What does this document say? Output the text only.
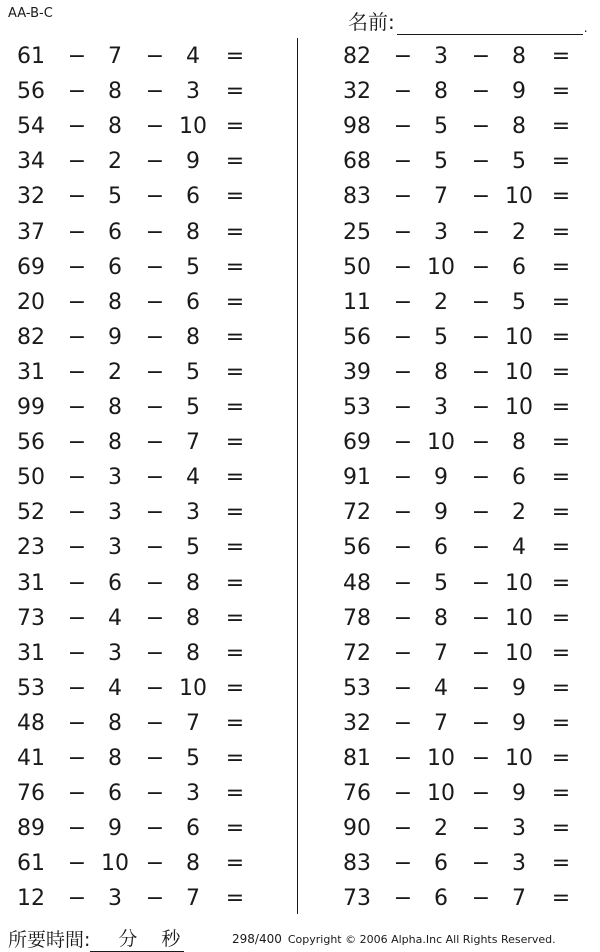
AA-B-C	名前:	.
61	− 7	− 4	=
56	− 8	− 3	=
54	− 8	− 10 =
34	− 2	− 9	=
32	− 5	− 6	=
37	− 6	− 8	=
69	− 6	− 5	=
20	− 8	− 6	=
82	− 9	− 8	=
31	− 2	− 5	=
99	− 8	− 5	=
56	− 8	− 7	=
50	− 3	− 4	=
52	− 3	− 3	=
23	− 3	− 5	=
31	− 6	− 8	=
73	− 4	− 8	=
31	− 3	− 8	=
53	− 4	− 10 =
48	− 8	− 7	=
41	− 8	− 5	=
76	− 6	− 3	=
89	− 9	− 6	=
61	− 10 − 8	=
12	− 3	− 7	=
82	− 3	− 8	=
32	− 8	− 9	=
98	− 5	− 8	=
68	− 5	− 5	=
83	− 7	− 10 =
25	− 3	− 2	=
50	− 10 − 6	=
11	− 2	− 5	=
56	− 5	− 10 =
39	− 8	− 10 =
53	− 3	− 10 =
69	− 10 − 8	=
91	− 9	− 6	=
72	− 9	− 2	=
56	− 6	− 4	=
48	− 5	− 10 =
78	− 8	− 10 =
72	− 7	− 10 =
53	− 4	− 9	=
32	− 7	− 9	=
81	− 10 − 10 =
76	− 10 − 9	=
90	− 2	− 3	=
83	− 6	− 3	=
73	− 6	− 7	=
所要時間:	分 秒	298/400 Copyright © 2006 Alpha.Inc All Rights Reserved.
